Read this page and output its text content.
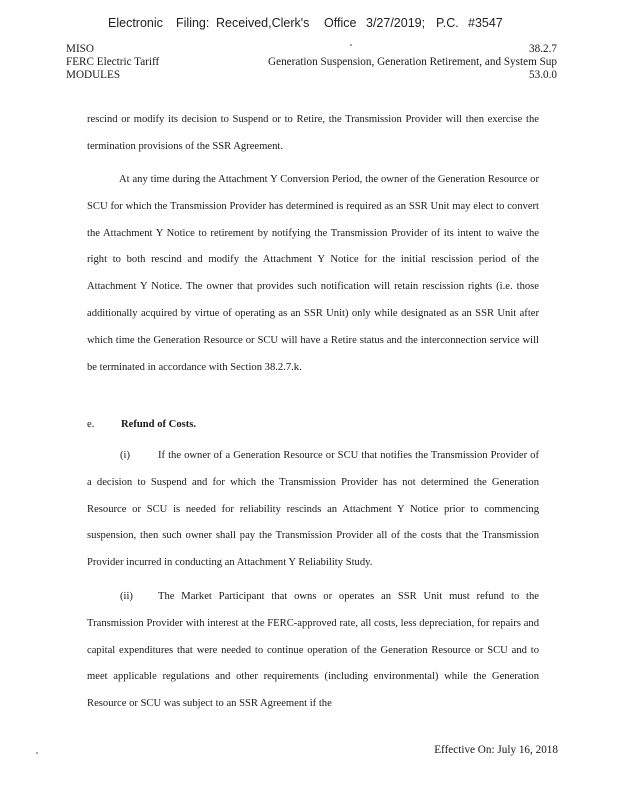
Electronic Filing: Received,Clerk's Office 3/27/2019; P.C. #3547
MISO
FERC Electric Tariff
MODULES
38.2.7
Generation Suspension, Generation Retirement, and System Sup
53.0.0

rescind or modify its decision to Suspend or to Retire, the Transmission Provider will then exercise the termination provisions of the SSR Agreement.

At any time during the Attachment Y Conversion Period, the owner of the Generation Resource or SCU for which the Transmission Provider has determined is required as an SSR Unit may elect to convert the Attachment Y Notice to retirement by notifying the Transmission Provider of its intent to waive the right to both rescind and modify the Attachment Y Notice for the initial rescission period of the Attachment Y Notice. The owner that provides such notification will retain rescission rights (i.e. those additionally acquired by virtue of operating as an SSR Unit) only while designated as an SSR Unit after which time the Generation Resource or SCU will have a Retire status and the interconnection service will be terminated in accordance with Section 38.2.7.k.

e.	Refund of Costs.

(i)	If the owner of a Generation Resource or SCU that notifies the Transmission Provider of a decision to Suspend and for which the Transmission Provider has not determined the Generation Resource or SCU is needed for reliability rescinds an Attachment Y Notice prior to commencing suspension, then such owner shall pay the Transmission Provider all of the costs that the Transmission Provider incurred in conducting an Attachment Y Reliability Study.

(ii) The Market Participant that owns or operates an SSR Unit must refund to the Transmission Provider with interest at the FERC-approved rate, all costs, less depreciation, for repairs and capital expenditures that were needed to continue operation of the Generation Resource or SCU and to meet applicable regulations and other requirements (including environmental) while the Generation Resource or SCU was subject to an SSR Agreement if the

Effective On: July 16, 2018
